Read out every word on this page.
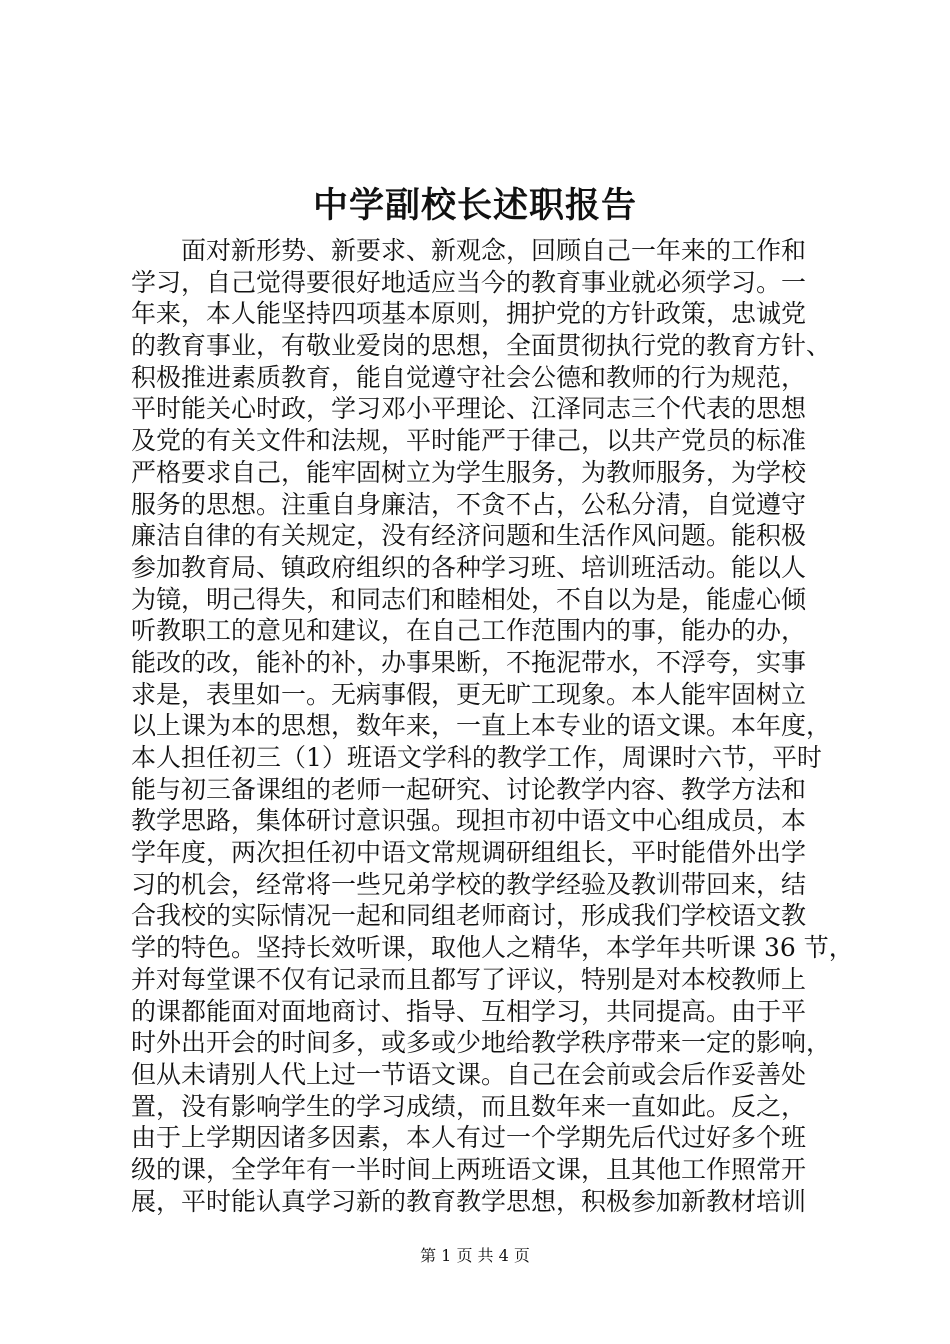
中学副校长述职报告
　　面对新形势、新要求、新观念，回顾自己一年来的工作和
学习，自己觉得要很好地适应当今的教育事业就必须学习。一
年来，本人能坚持四项基本原则，拥护党的方针政策，忠诚党
的教育事业，有敬业爱岗的思想，全面贯彻执行党的教育方针、
积极推进素质教育，能自觉遵守社会公德和教师的行为规范，
平时能关心时政，学习邓小平理论、江泽同志三个代表的思想
及党的有关文件和法规，平时能严于律己，以共产党员的标准
严格要求自己，能牢固树立为学生服务，为教师服务，为学校
服务的思想。注重自身廉洁，不贪不占，公私分清，自觉遵守
廉洁自律的有关规定，没有经济问题和生活作风问题。能积极
参加教育局、镇政府组织的各种学习班、培训班活动。能以人
为镜，明己得失，和同志们和睦相处，不自以为是，能虚心倾
听教职工的意见和建议，在自己工作范围内的事，能办的办，
能改的改，能补的补，办事果断，不拖泥带水，不浮夸，实事
求是，表里如一。无病事假，更无旷工现象。本人能牢固树立
以上课为本的思想，数年来，一直上本专业的语文课。本年度，
本人担任初三（1）班语文学科的教学工作，周课时六节，平时
能与初三备课组的老师一起研究、讨论教学内容、教学方法和
教学思路，集体研讨意识强。现担市初中语文中心组成员，本
学年度，两次担任初中语文常规调研组组长，平时能借外出学
习的机会，经常将一些兄弟学校的教学经验及教训带回来，结
合我校的实际情况一起和同组老师商讨，形成我们学校语文教
学的特色。坚持长效听课，取他人之精华，本学年共听课 36 节，
并对每堂课不仅有记录而且都写了评议，特别是对本校教师上
的课都能面对面地商讨、指导、互相学习，共同提高。由于平
时外出开会的时间多，或多或少地给教学秩序带来一定的影响，
但从未请别人代上过一节语文课。自己在会前或会后作妥善处
置，没有影响学生的学习成绩，而且数年来一直如此。反之，
由于上学期因诸多因素，本人有过一个学期先后代过好多个班
级的课，全学年有一半时间上两班语文课，且其他工作照常开
展，平时能认真学习新的教育教学思想，积极参加新教材培训
第 1 页 共 4 页
